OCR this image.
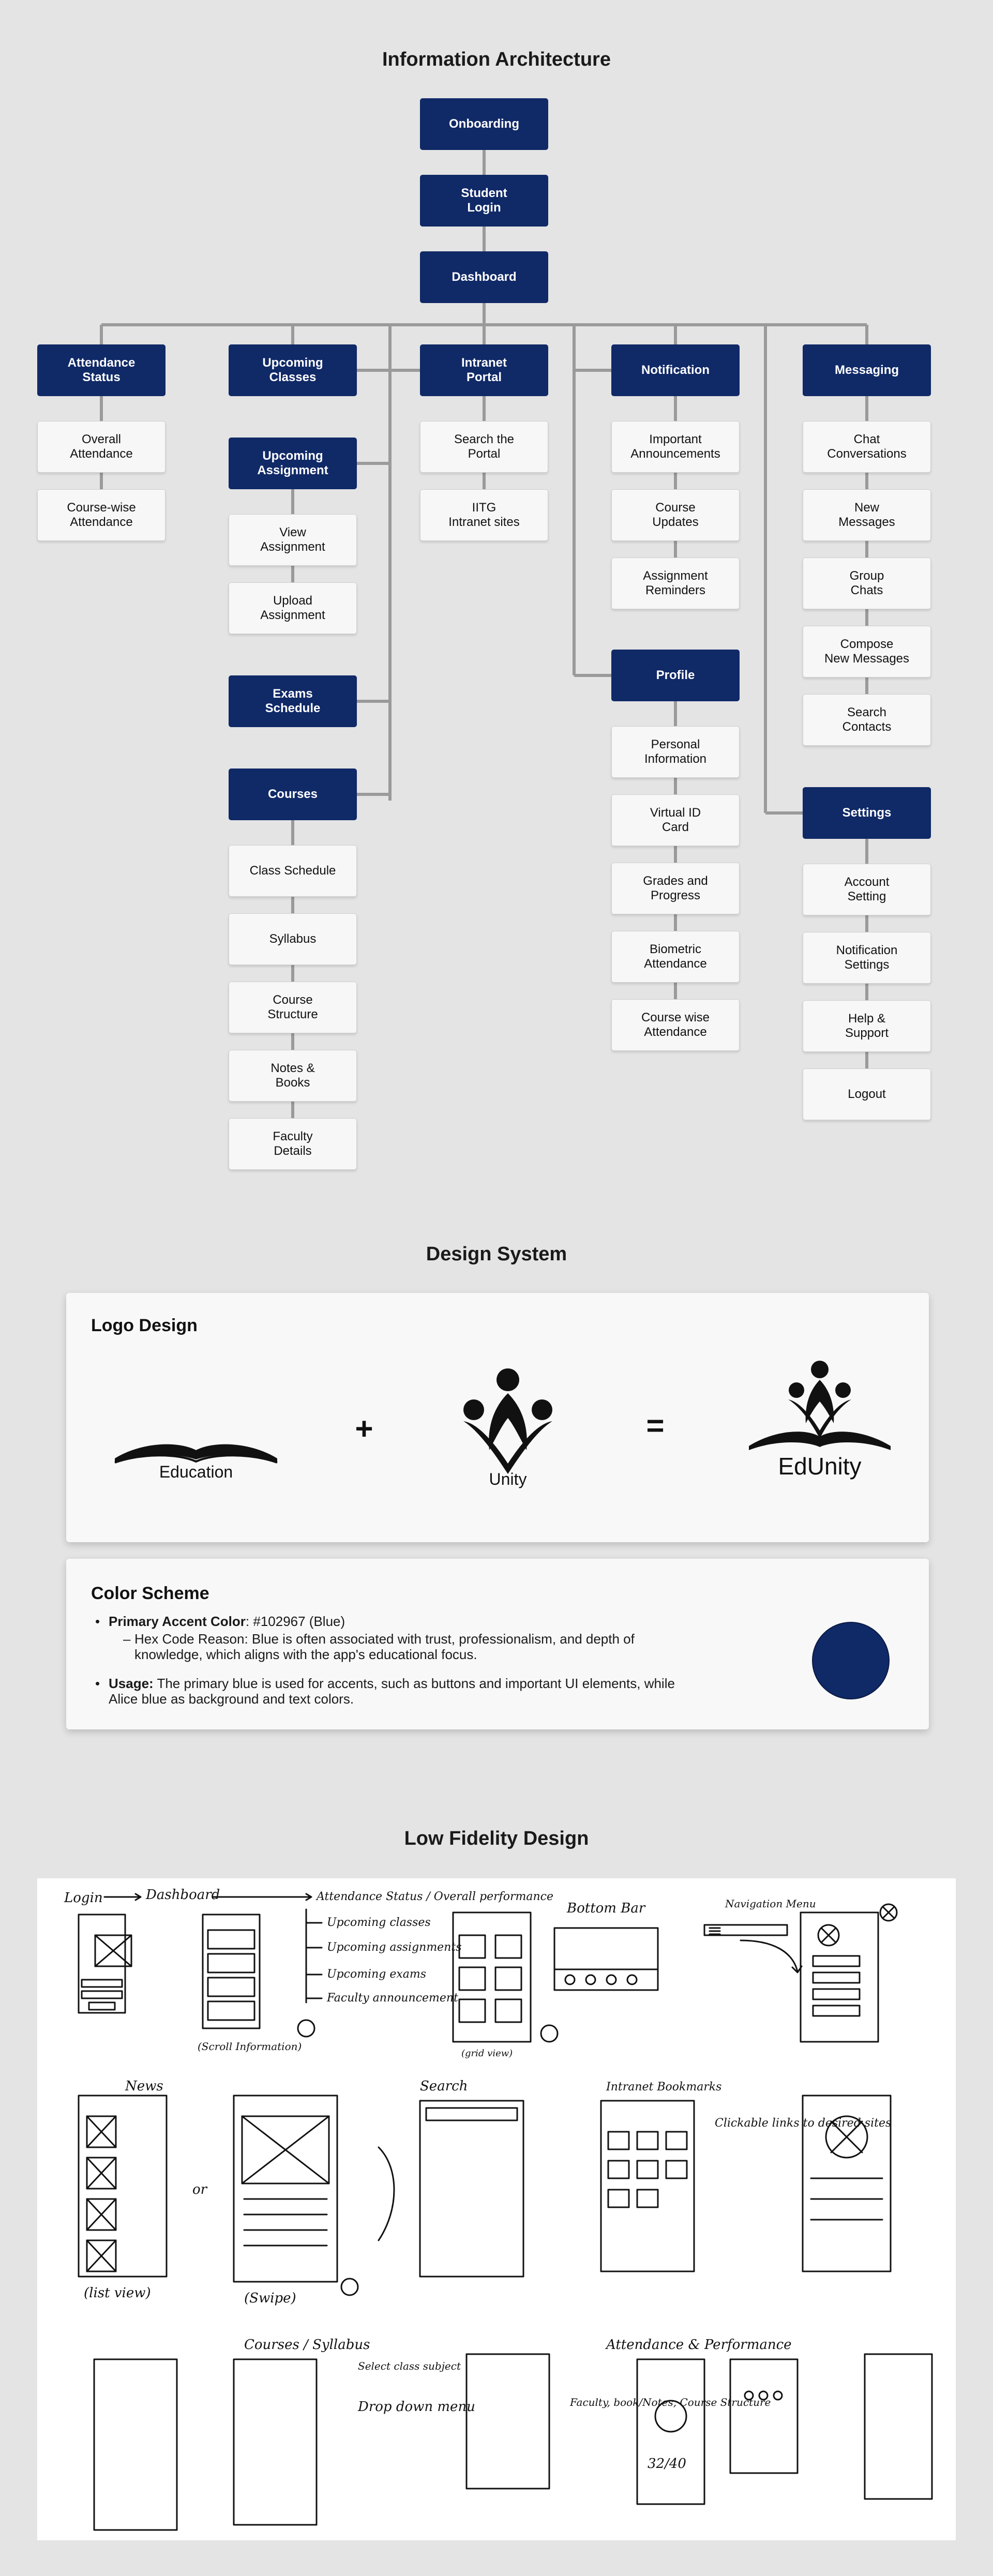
Information Architecture
Onboarding
Student
Login
Dashboard
Attendance
Status
Overall
Attendance
Course-wise
Attendance
Upcoming
Classes
Intranet
Portal
Search the
Portal
IITG
Intranet sites
Notification
Important
Announcements
Course
Updates
Assignment
Reminders
Messaging
Chat
Conversations
New
Messages
Group
Chats
Compose
New Messages
Search
Contacts
Upcoming
Assignment
View
Assignment
Upload
Assignment
Exams
Schedule
Courses
Class Schedule
Syllabus
Course
Structure
Notes &
Books
Faculty
Details
Profile
Personal
Information
Virtual ID
Card
Grades and
Progress
Biometric
Attendance
Course wise
Attendance
Settings
Account
Setting
Notification
Settings
Help &
Support
Logout
Design System
Logo Design
Education
+
Unity
=
EdUnity
Color Scheme
• Primary Accent Color: #102967 (Blue)
– Hex Code Reason: Blue is often associated with trust, professionalism, and depth of knowledge, which aligns with the app's educational focus.
• Usage: The primary blue is used for accents, such as buttons and important UI elements, while Alice blue as background and text colors.
Low Fidelity Design
Login	Dashboard	Attendance Status / Overall performance
Upcoming classes
Upcoming assignments
Upcoming exams
Faculty announcement
(Scroll Information)
(grid view)
Bottom Bar	Navigation Menu
News
(list view)
or
(Swipe)
Search	Intranet Bookmarks
Clickable links to desired sites
Courses / Syllabus
Select class subject
Drop down menu	Faculty, book/Notes, Course Structure
Attendance & Performance
32/40
